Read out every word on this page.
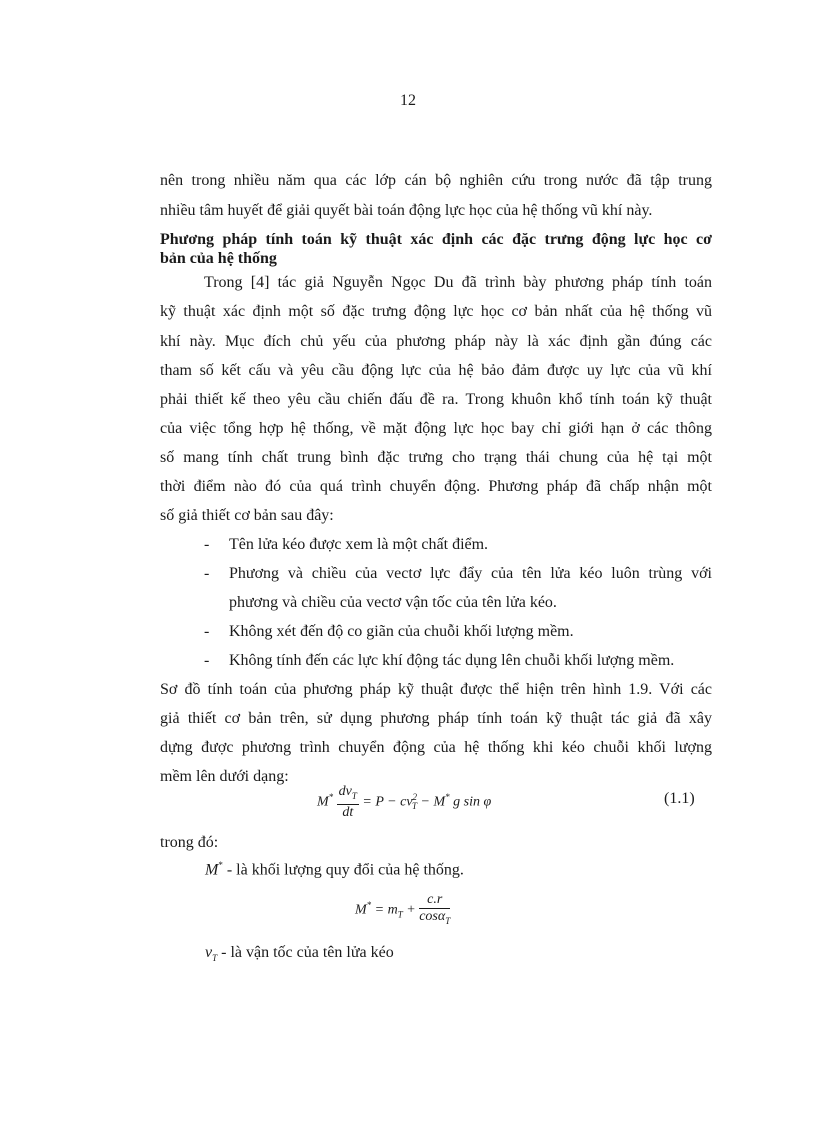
12
nên trong nhiều năm qua các lớp cán bộ nghiên cứu trong nước đã tập trung
nhiều tâm huyết để giải quyết bài toán động lực học của hệ thống vũ khí này.
Phương pháp tính toán kỹ thuật xác định các đặc trưng động lực học cơ
bản của hệ thống
Trong [4] tác giả Nguyễn Ngọc Du đã trình bày phương pháp tính toán
kỹ thuật xác định một số đặc trưng động lực học cơ bản nhất của hệ thống vũ
khí này. Mục đích chủ yếu của phương pháp này là xác định gần đúng các
tham số kết cấu và yêu cầu động lực của hệ bảo đảm được uy lực của vũ khí
phải thiết kế theo yêu cầu chiến đấu đề ra. Trong khuôn khổ tính toán kỹ thuật
của việc tổng hợp hệ thống, về mặt động lực học bay chỉ giới hạn ở các thông
số mang tính chất trung bình đặc trưng cho trạng thái chung của hệ tại một
thời điểm nào đó của quá trình chuyển động. Phương pháp đã chấp nhận một
số giả thiết cơ bản sau đây:
- Tên lửa kéo được xem là một chất điểm.
- Phương và chiều của vectơ lực đẩy của tên lửa kéo luôn trùng với
phương và chiều của vectơ vận tốc của tên lửa kéo.
- Không xét đến độ co giãn của chuỗi khối lượng mềm.
- Không tính đến các lực khí động tác dụng lên chuỗi khối lượng mềm.
Sơ đồ tính toán của phương pháp kỹ thuật được thể hiện trên hình 1.9. Với các
giả thiết cơ bản trên, sử dụng phương pháp tính toán kỹ thuật tác giả đã xây
dựng được phương trình chuyển động của hệ thống khi kéo chuỗi khối lượng
mềm lên dưới dạng:
$M^* \frac{dv_T}{dt} = P - cv^2_T - M^*$ g sin φ	(1.1)
trong đó:
M* - là khối lượng quy đổi của hệ thống.
$M^* = m_T + \frac{c.r}{\cos\alpha_T}$
$v_T$ - là vận tốc của tên lửa kéo
